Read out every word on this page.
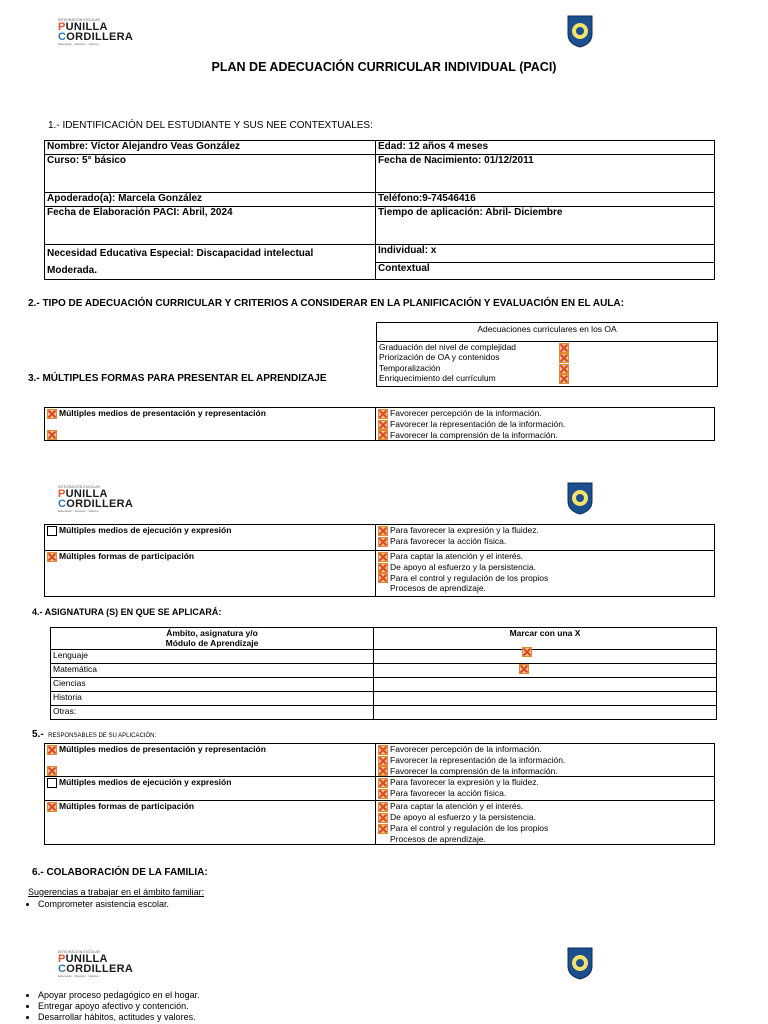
INTEGRACIÓN ESCOLAR
PUNILLA
CORDILLERA
Educación · Respeto · Valores
PLAN DE ADECUACIÓN CURRICULAR INDIVIDUAL (PACI)
1.- IDENTIFICACIÓN DEL ESTUDIANTE Y SUS NEE CONTEXTUALES:
Nombre: Víctor Alejandro Veas González	Edad: 12 años 4 meses
Curso: 5° básico	Fecha de Nacimiento: 01/12/2011
Apoderado(a): Marcela González	Teléfono:9-74546416
Fecha de Elaboración PACI: Abril, 2024	Tiempo de aplicación: Abril- Diciembre
Necesidad Educativa Especial: Discapacidad intelectual
Moderada.	Individual: x
	Contextual
2.- TIPO DE ADECUACIÓN CURRICULAR Y CRITERIOS A CONSIDERAR EN LA PLANIFICACIÓN Y EVALUACIÓN EN EL AULA:
Adecuaciones curriculares en los OA

Graduación del nivel de complejidad
Priorización de OA y contenidos
Temporalización
Enriquecimiento del currículum
3.- MÚLTIPLES FORMAS PARA PRESENTAR EL APRENDIZAJE
Múltiples medios de presentación y representación	Favorecer percepción de la información.
Favorecer la representación de la información.
Favorecer la comprensión de la información.
INTEGRACIÓN ESCOLAR
PUNILLA
CORDILLERA
Educación · Respeto · Valores
Múltiples medios de ejecución y expresión	Para favorecer la expresión y la fluidez.
Para favorecer la acción física.

Múltiples formas de participación	Para captar la atención y el interés.
De apoyo al esfuerzo y la persistencia.
Para el control y regulación de los propios
Procesos de aprendizaje.
4.- ASIGNATURA (S) EN QUE SE APLICARÁ:
Ámbito, asignatura y/o
Módulo de Aprendizaje	Marcar con una X
Lenguaje	
Matemática	
Ciencias	
Historia	
Otras:	
5.- RESPONSABLES DE SU APLICACIÓN:
Múltiples medios de presentación y representación	Favorecer percepción de la información.
Favorecer la representación de la información.
Favorecer la comprensión de la información.

Múltiples medios de ejecución y expresión	Para favorecer la expresión y la fluidez.
Para favorecer la acción física.

Múltiples formas de participación	Para captar la atención y el interés.
De apoyo al esfuerzo y la persistencia.
Para el control y regulación de los propios
Procesos de aprendizaje.
6.- COLABORACIÓN DE LA FAMILIA:
Sugerencias a trabajar en el ámbito familiar:
• Comprometer asistencia escolar.
INTEGRACIÓN ESCOLAR
PUNILLA
CORDILLERA
Educación · Respeto · Valores
• Apoyar proceso pedagógico en el hogar.
• Entregar apoyo afectivo y contención.
• Desarrollar hábitos, actitudes y valores.
